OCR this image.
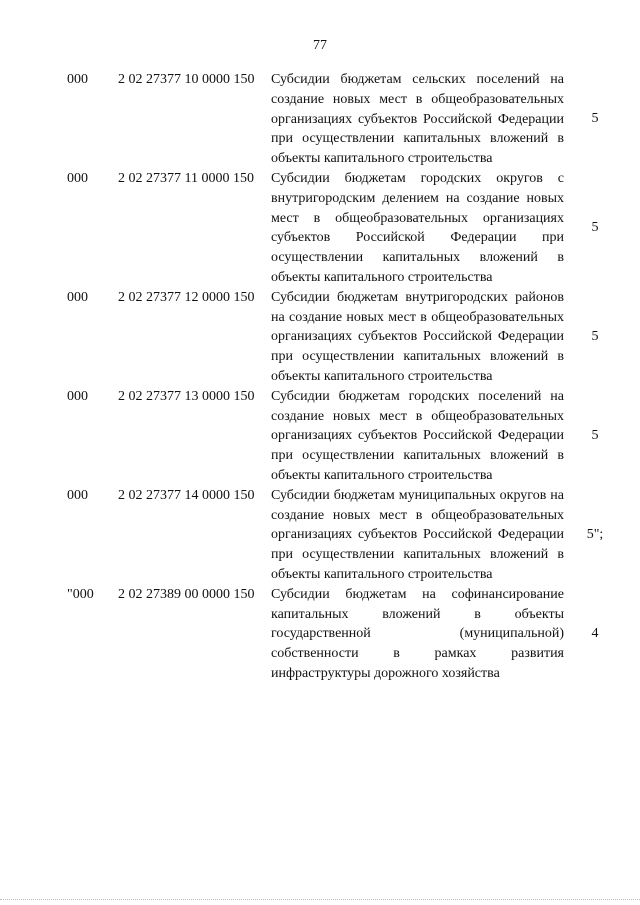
77
000 2 02 27377 10 0000 150 Субсидии бюджетам сельских поселений на создание новых мест в общеобразовательных организациях субъектов Российской Федерации при осуществлении капитальных вложений в объекты капитального строительства
5
000 2 02 27377 11 0000 150 Субсидии бюджетам городских округов с внутригородским делением на создание новых мест в общеобразовательных организациях субъектов Российской Федерации при осуществлении капитальных вложений в объекты капитального строительства
5
000 2 02 27377 12 0000 150 Субсидии бюджетам внутригородских районов на создание новых мест в общеобразовательных организациях субъектов Российской Федерации при осуществлении капитальных вложений в объекты капитального строительства
5
000 2 02 27377 13 0000 150 Субсидии бюджетам городских поселений на создание новых мест в общеобразовательных организациях субъектов Российской Федерации при осуществлении капитальных вложений в объекты капитального строительства
5
000 2 02 27377 14 0000 150 Субсидии бюджетам муниципальных округов на создание новых мест в общеобразовательных организациях субъектов Российской Федерации при осуществлении капитальных вложений в объекты капитального строительства
5";
"000 2 02 27389 00 0000 150 Субсидии бюджетам на софинансирование капитальных вложений в объекты государственной (муниципальной) собственности в рамках развития инфраструктуры дорожного хозяйства
4
